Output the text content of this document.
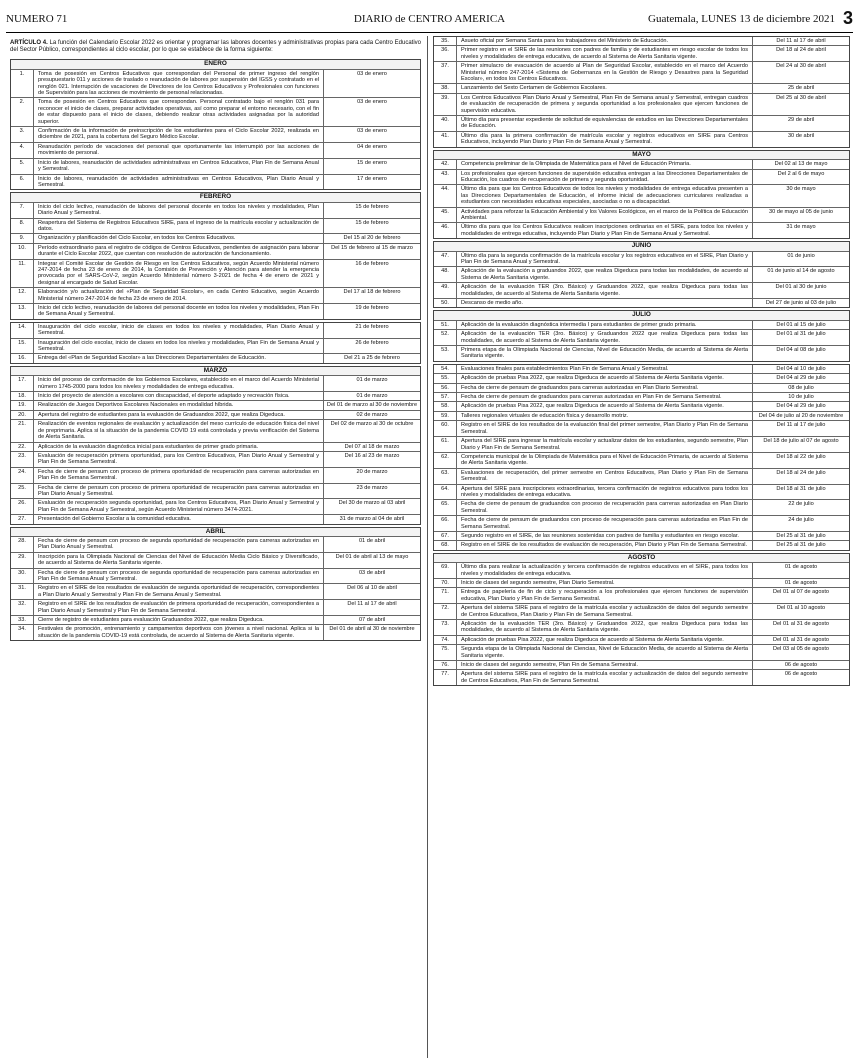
NUMERO 71	DIARIO de CENTRO AMERICA	Guatemala, LUNES 13 de diciembre 2021 3
ARTÍCULO 4. La función del Calendario Escolar 2022 es orientar y programar las labores docentes y administrativas propias para cada Centro Educativo del Sector Público, correspondientes al ciclo escolar, por lo que se establece de la forma siguiente:
ENERO
1.	Toma de posesión en Centros Educativos que correspondan del Personal de primer ingreso del renglón presupuestario 011 y acciones de traslado o reanudación de labores por suspensión del IGSS y contratado en el renglón 021. Interrupción de vacaciones de Directores de los Centros Educativos y Profesionales con funciones de Supervisión para las acciones de movimiento de personal relacionadas.
03 de enero
2.	Toma de posesión en Centros Educativos que correspondan. Personal contratado bajo el renglón 031 para reconocer el inicio de clases, preparar actividades operativas, así como preparar el entorno necesario, con el fin de estar dispuesto para el inicio de clases, debiendo realizar otras actividades asignadas por la autoridad superior.
03 de enero
3.	Confirmación de la información de preinscripción de los estudiantes para el Ciclo Escolar 2022, realizada en diciembre de 2021, para la cobertura del Seguro Médico Escolar.
03 de enero
4.	Reanudación período de vacaciones del personal que oportunamente las interrumpió por las acciones de movimiento de personal.
04 de enero
5.	Inicio de labores, reanudación de actividades administrativas en Centros Educativos, Plan Fin de Semana Anual y Semestral.
15 de enero
6.	Inicio de labores, reanudación de actividades administrativas en Centros Educativos, Plan Diario Anual y Semestral.
17 de enero
FEBRERO
7.	Inicio del ciclo lectivo, reanudación de labores del personal docente en todos los niveles y modalidades, Plan Diario Anual y Semestral.
15 de febrero
8.	Reapertura del Sistema de Registros Educativos SIRE, para el ingreso de la matrícula escolar y actualización de datos.
15 de febrero
9.	Organización y planificación del Ciclo Escolar, en todos los Centros Educativos.	Del 15 al 20 de febrero
10.	Período extraordinario para el registro de códigos de Centros Educativos, pendientes de asignación para laborar durante el Ciclo Escolar 2022, que cuentan con resolución de autorización de funcionamiento.
Del 15 de febrero al 15 de marzo
11.	Integrar el Comité Escolar de Gestión de Riesgo en los Centros Educativos, según Acuerdo Ministerial número 247-2014 de fecha 23 de enero de 2014, la Comisión de Prevención y Atención para atender la emergencia provocada por el SARS-CoV-2, según Acuerdo Ministerial número 3-2021 de fecha 4 de enero de 2021 y designar al encargado de Salud Escolar.
16 de febrero
12.	Elaboración y/o actualización del «Plan de Seguridad Escolar», en cada Centro Educativo, según Acuerdo Ministerial número 247-2014 de fecha 23 de enero de 2014.
Del 17 al 18 de febrero
13.	Inicio del ciclo lectivo, reanudación de labores del personal docente en todos los niveles y modalidades, Plan Fin de Semana Anual y Semestral.
19 de febrero
14.	Inauguración del ciclo escolar, inicio de clases en todos los niveles y modalidades, Plan Diario Anual y Semestral.
21 de febrero
15.	Inauguración del ciclo escolar, inicio de clases en todos los niveles y modalidades, Plan Fin de Semana Anual y Semestral.
26 de febrero
16.	Entrega del «Plan de Seguridad Escolar» a las Direcciones Departamentales de Educación.	Del 21 a 25 de febrero
MARZO
17.	Inicio del proceso de conformación de los Gobiernos Escolares, establecido en el marco del Acuerdo Ministerial número 1745-2000 para todos los niveles y modalidades de entrega educativa.
01 de marzo
18.	Inicio del proyecto de atención a escolares con discapacidad, el deporte adaptado y recreación física.	01 de marzo
19.	Realización de Juegos Deportivos Escolares Nacionales en modalidad híbrida.	Del 01 de marzo al 30 de noviembre
20.	Apertura del registro de estudiantes para la evaluación de Graduandos 2022, que realiza Digeduca.	02 de marzo
21.	Realización de eventos regionales de evaluación y actualización del meso currículo de educación física del nivel de preprimaria. Aplica si la situación de la pandemia COVID 19 está controlada y previa verificación del Sistema de Alerta Sanitaria.
Del 02 de marzo al 30 de octubre
22.	Aplicación de la evaluación diagnóstica inicial para estudiantes de primer grado primaria.	Del 07 al 18 de marzo
23.	Evaluación de recuperación primera oportunidad, para los Centros Educativos, Plan Diario Anual y Semestral y Plan Fin de Semana Semestral.
Del 16 al 23 de marzo
24.	Fecha de cierre de pensum con proceso de primera oportunidad de recuperación para carreras autorizadas en Plan Fin de Semana Semestral.
20 de marzo
25.	Fecha de cierre de pensum con proceso de primera oportunidad de recuperación para carreras autorizadas en Plan Diario Anual y Semestral.
23 de marzo
26.	Evaluación de recuperación segunda oportunidad, para los Centros Educativos, Plan Diario Anual y Semestral y Plan Fin de Semana Anual y Semestral, según Acuerdo Ministerial número 3474-2021.
Del 30 de marzo al 03 abril
27.	Presentación del Gobierno Escolar a la comunidad educativa.	31 de marzo al 04 de abril
ABRIL
28.	Fecha de cierre de pensum con proceso de segunda oportunidad de recuperación para carreras autorizadas en Plan Diario Anual y Semestral.
01 de abril
29.	Inscripción para la Olimpiada Nacional de Ciencias del Nivel de Educación Media Ciclo Básico y Diversificado, de acuerdo al Sistema de Alerta Sanitaria vigente.
Del 01 de abril al 13 de mayo
30.	Fecha de cierre de pensum con proceso de segunda oportunidad de recuperación para carreras autorizadas en Plan Fin de Semana Anual y Semestral.
03 de abril
31.	Registro en el SIRE de los resultados de evaluación de segunda oportunidad de recuperación, correspondientes a Plan Diario Anual y Semestral y Plan Fin de Semana Anual y Semestral.
Del 06 al 10 de abril
32.	Registro en el SIRE de los resultados de evaluación de primera oportunidad de recuperación, correspondientes a Plan Diario Anual y Semestral y Plan Fin de Semana Semestral.
Del 11 al 17 de abril
33.	Cierre de registro de estudiantes para evaluación Graduandos 2022, que realiza Digeduca.	07 de abril
34.	Festivales de promoción, entrenamiento y campamentos deportivos con jóvenes a nivel nacional. Aplica si la situación de la pandemia COVID-19 está controlada, de acuerdo al Sistema de Alerta Sanitaria vigente.
Del 01 de abril al 30 de noviembre
35.	Asueto oficial por Semana Santa para los trabajadores del Ministerio de Educación.	Del 11 al 17 de abril
36.	Primer registro en el SIRE de las reuniones con padres de familia y de estudiantes en riesgo escolar de todos los niveles y modalidades de entrega educativa, de acuerdo al Sistema de Alerta Sanitaria vigente.
Del 18 al 24 de abril
37.	Primer simulacro de evacuación de acuerdo al Plan de Seguridad Escolar, establecido en el marco del Acuerdo Ministerial número 247-2014 «Sistema de Gobernanza en la Gestión de Riesgo y Desastres para la Seguridad Escolar», en todos los Centros Educativos.
Del 24 al 30 de abril
38.	Lanzamiento del Sexto Certamen de Gobiernos Escolares.	25 de abril
39.	Los Centros Educativos Plan Diario Anual y Semestral, Plan Fin de Semana anual y Semestral, entregan cuadros de evaluación de recuperación de primera y segunda oportunidad a los profesionales que ejercen funciones de supervisión educativa.
Del 25 al 30 de abril
40.	Último día para presentar expediente de solicitud de equivalencias de estudios en las Direcciones Departamentales de Educación.
29 de abril
41.	Último día para la primera confirmación de matrícula escolar y registros educativos en SIRE para Centros Educativos, incluyendo Plan Diario y Plan Fin de Semana Anual y Semestral.
30 de abril
MAYO
42.	Competencia preliminar de la Olimpiada de Matemática para el Nivel de Educación Primaria.	Del 02 al 13 de mayo
43.	Los profesionales que ejercen funciones de supervisión educativa entregan a las Direcciones Departamentales de Educación, los cuadros de recuperación de primera y segunda oportunidad.
Del 2 al 6 de mayo
44.	Último día para que los Centros Educativos de todos los niveles y modalidades de entrega educativa presenten a las Direcciones Departamentales de Educación, el informe inicial de adecuaciones curriculares realizadas a estudiantes con necesidades educativas especiales, asociadas o no a discapacidad.
30 de mayo
45.	Actividades para reforzar la Educación Ambiental y los Valores Ecológicos, en el marco de la Política de Educación Ambiental.
30 de mayo al 05 de junio
46.	Último día para que los Centros Educativos realicen inscripciones ordinarias en el SIRE, para todos los niveles y modalidades de entrega educativa, incluyendo Plan Diario y Plan Fin de Semana Anual y Semestral.
31 de mayo
JUNIO
47.	Último día para la segunda confirmación de la matrícula escolar y los registros educativos en el SIRE, Plan Diario y Plan Fin de Semana Anual y Semestral.
01 de junio
48.	Aplicación de la evaluación a graduandos 2022, que realiza Digeduca para todas las modalidades, de acuerdo al Sistema de Alerta Sanitaria vigente.
01 de junio al 14 de agosto
49.	Aplicación de la evaluación TER (3ro. Básico) y Graduandos 2022, que realiza Digeduca para todas las modalidades, de acuerdo al Sistema de Alerta Sanitaria vigente.
Del 01 al 30 de junio
50.	Descanso de medio año.	Del 27 de junio al 03 de julio
JULIO
51.	Aplicación de la evaluación diagnóstica intermedia I para estudiantes de primer grado primaria.	Del 01 al 15 de julio
52.	Aplicación de la evaluación TER (3ro. Básico) y Graduandos 2022 que realiza Digeduca para todas las modalidades, de acuerdo al Sistema de Alerta Sanitaria vigente.
Del 01 al 31 de julio
53.	Primera etapa de la Olimpiada Nacional de Ciencias, Nivel de Educación Media, de acuerdo al Sistema de Alerta Sanitaria vigente.
Del 04 al 08 de julio
54.	Evaluaciones finales para establecimientos Plan Fin de Semana Anual y Semestral.	Del 04 al 10 de julio
55.	Aplicación de pruebas Pisa 2022, que realiza Digeduca de acuerdo al Sistema de Alerta Sanitaria vigente.	Del 04 al 29 de julio
56.	Fecha de cierre de pensum de graduandos para carreras autorizadas en Plan Diario Semestral.	08 de julio
57.	Fecha de cierre de pensum de graduandos para carreras autorizadas en Plan Fin de Semana Semestral.	10 de julio
58.	Aplicación de pruebas Pisa 2022, que realiza Digeduca de acuerdo al Sistema de Alerta Sanitaria vigente.	Del 04 al 29 de julio
59.	Talleres regionales virtuales de educación física y desarrollo motriz.	Del 04 de julio al 20 de noviembre
60.	Registro en el SIRE de los resultados de la evaluación final del primer semestre, Plan Diario y Plan Fin de Semana Semestral.
Del 11 al 17 de julio
61.	Apertura del SIRE para ingresar la matrícula escolar y actualizar datos de los estudiantes, segundo semestre, Plan Diario y Plan Fin de Semana Semestral.
Del 18 de julio al 07 de agosto
62.	Competencia municipal de la Olimpiada de Matemática para el Nivel de Educación Primaria, de acuerdo al Sistema de Alerta Sanitaria vigente.
Del 18 al 22 de julio
63.	Evaluaciones de recuperación, del primer semestre en Centros Educativos, Plan Diario y Plan Fin de Semana Semestral.
Del 18 al 24 de julio
64.	Apertura del SIRE para inscripciones extraordinarias, tercera confirmación de registros educativos para todos los niveles y modalidades de entrega educativa.
Del 18 al 31 de julio
65.	Fecha de cierre de pensum de graduandos con proceso de recuperación para carreras autorizadas en Plan Diario Semestral.
22 de julio
66.	Fecha de cierre de pensum de graduandos con proceso de recuperación para carreras autorizadas en Plan Fin de Semana Semestral.
24 de julio
67.	Segundo registro en el SIRE, de las reuniones sostenidas con padres de familia y estudiantes en riesgo escolar.	Del 25 al 31 de julio
68.	Registro en el SIRE de los resultados de evaluación de recuperación, Plan Diario y Plan Fin de Semana Semestral.	Del 25 al 31 de julio
AGOSTO
69.	Último día para realizar la actualización y tercera confirmación de registros educativos en el SIRE, para todos los niveles y modalidades de entrega educativa.
01 de agosto
70.	Inicio de clases del segundo semestre, Plan Diario Semestral.	01 de agosto
71.	Entrega de papelería de fin de ciclo y recuperación a los profesionales que ejercen funciones de supervisión educativa, Plan Diario y Plan Fin de Semana Semestral.
Del 01 al 07 de agosto
72.	Apertura del sistema SIRE para el registro de la matrícula escolar y actualización de datos del segundo semestre de Centros Educativos, Plan Diario y Plan Fin de Semana Semestral.
Del 01 al 10 agosto
73.	Aplicación de la evaluación TER (3ro. Básico) y Graduandos 2022, que realiza Digeduca para todas las modalidades, de acuerdo al Sistema de Alerta Sanitaria vigente.
Del 01 al 31 de agosto
74.	Aplicación de pruebas Pisa 2022, que realiza Digeduca de acuerdo al Sistema de Alerta Sanitaria vigente.	Del 01 al 31 de agosto
75.	Segunda etapa de la Olimpiada Nacional de Ciencias, Nivel de Educación Media, de acuerdo al Sistema de Alerta Sanitaria vigente.
Del 03 al 05 de agosto
76.	Inicio de clases del segundo semestre, Plan Fin de Semana Semestral.	06 de agosto
77.	Apertura del sistema SIRE para el registro de la matrícula escolar y actualización de datos del segundo semestre de Centros Educativos, Plan Fin de Semana Semestral.
06 de agosto
